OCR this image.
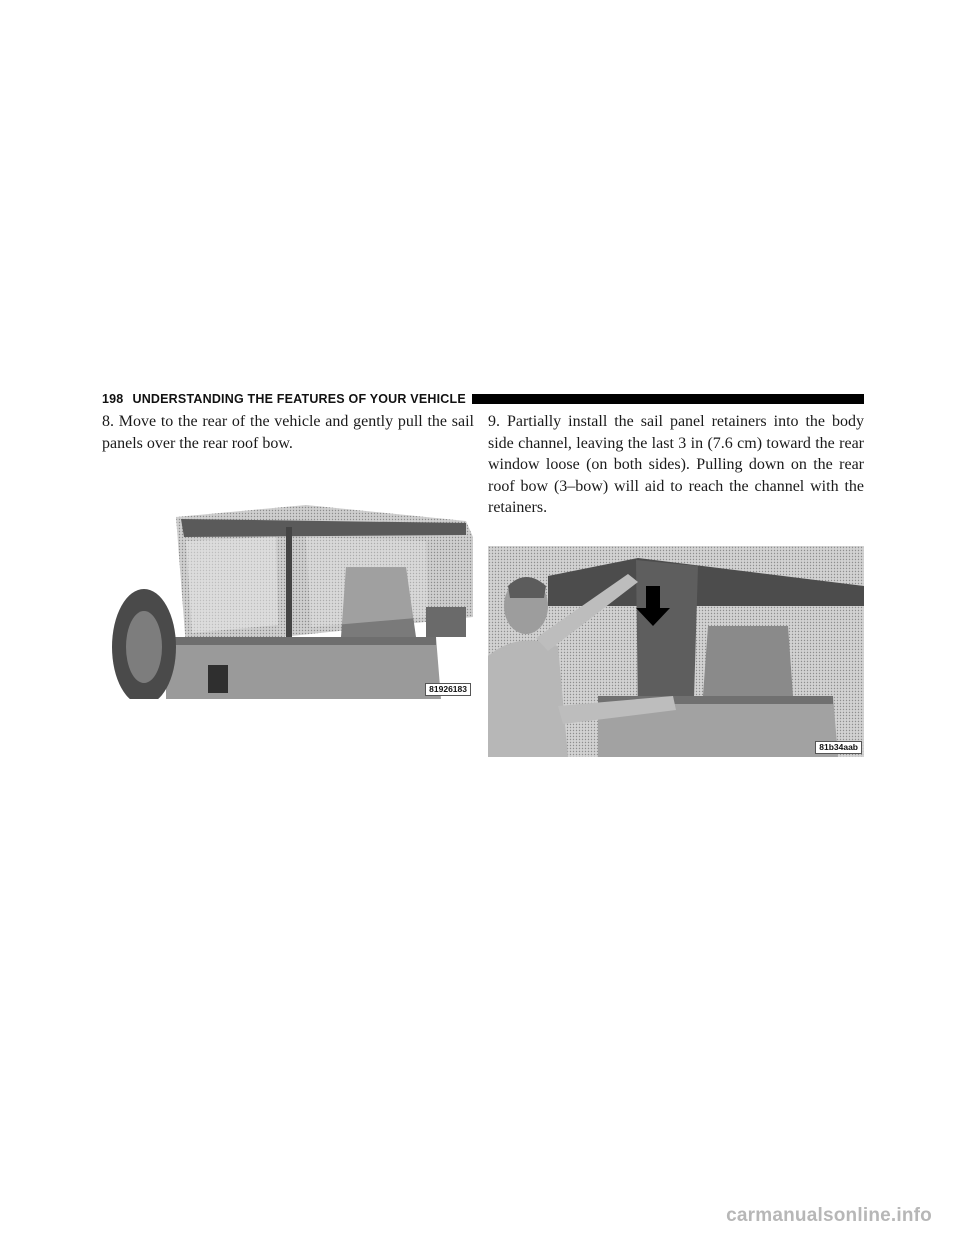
198 UNDERSTANDING THE FEATURES OF YOUR VEHICLE

8. Move to the rear of the vehicle and gently pull the sail panels over the rear roof bow.

81926183

9. Partially install the sail panel retainers into the body side channel, leaving the last 3 in (7.6 cm) toward the rear window loose (on both sides). Pulling down on the rear roof bow (3–bow) will aid to reach the channel with the retainers.

81b34aab
carmanualsonline.info
